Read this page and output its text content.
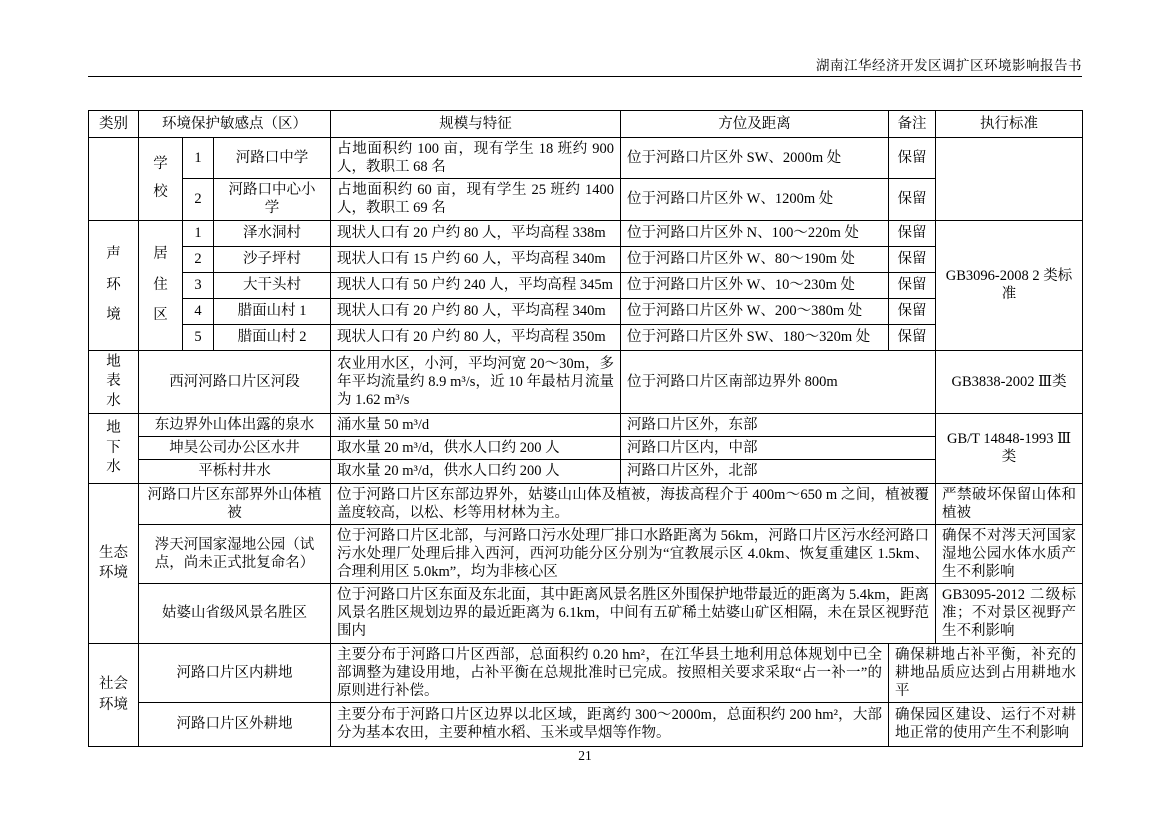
湖南江华经济开发区调扩区环境影响报告书
类别	环境保护敏感点（区）			规模与特征	方位及距离	备注	执行标准
	学校	1	河路口中学	占地面积约 100 亩，现有学生 18 班约 900 人，教职工 68 名	位于河路口片区外 SW、2000m 处	保留	
		2	河路口中心小学	占地面积约 60 亩，现有学生 25 班约 1400 人，教职工 69 名	位于河路口片区外 W、1200m 处	保留	
声环境	居住区	1	泽水洞村	现状人口有 20 户约 80 人，平均高程 338m	位于河路口片区外 N、100～220m 处	保留	GB3096-2008 2 类标准
		2	沙子坪村	现状人口有 15 户约 60 人，平均高程 340m	位于河路口片区外 W、80～190m 处	保留	
		3	大干头村	现状人口有 50 户约 240 人，平均高程 345m	位于河路口片区外 W、10～230m 处	保留	
		4	腊面山村 1	现状人口有 20 户约 80 人，平均高程 340m	位于河路口片区外 W、200～380m 处	保留	
		5	腊面山村 2	现状人口有 20 户约 80 人，平均高程 350m	位于河路口片区外 SW、180～320m 处	保留	
地表水	西河河路口片区河段			农业用水区，小河，平均河宽 20～30m，多年平均流量约 8.9 m³/s，近 10 年最枯月流量为 1.62 m³/s	位于河路口片区南部边界外 800m		GB3838-2002 Ⅲ类
地下水	东边界外山体出露的泉水			涌水量 50 m³/d	河路口片区外，东部		GB/T 14848-1993 Ⅲ 类
	坤昊公司办公区水井			取水量 20 m³/d，供水人口约 200 人	河路口片区内，中部		
	平栎村井水			取水量 20 m³/d，供水人口约 200 人	河路口片区外，北部		
生态环境	河路口片区东部界外山体植被			位于河路口片区东部边界外，姑婆山山体及植被，海拔高程介于 400m～650 m 之间，植被覆盖度较高，以松、杉等用材林为主。			严禁破坏保留山体和植被
	涔天河国家湿地公园（试点，尚未正式批复命名）			位于河路口片区北部，与河路口污水处理厂排口水路距离为 56km，河路口片区污水经河路口污水处理厂处理后排入西河，西河功能分区分别为“宜教展示区 4.0km、恢复重建区 1.5km、合理利用区 5.0km”，均为非核心区			确保不对涔天河国家湿地公园水体水质产生不利影响
	姑婆山省级风景名胜区			位于河路口片区东面及东北面，其中距离风景名胜区外围保护地带最近的距离为 5.4km，距离风景名胜区规划边界的最近距离为 6.1km，中间有五矿稀土姑婆山矿区相隔，未在景区视野范围内			GB3095-2012 二级标准；不对景区视野产生不利影响
社会环境	河路口片区内耕地			主要分布于河路口片区西部，总面积约 0.20 hm²，在江华县土地利用总体规划中已全部调整为建设用地，占补平衡在总规批准时已完成。按照相关要求采取“占一补一”的原则进行补偿。		确保耕地占补平衡，补充的耕地品质应达到占用耕地水平	
	河路口片区外耕地			主要分布于河路口片区边界以北区域，距离约 300～2000m，总面积约 200 hm²，大部分为基本农田，主要种植水稻、玉米或旱烟等作物。		确保园区建设、运行不对耕地正常的使用产生不利影响	
21
